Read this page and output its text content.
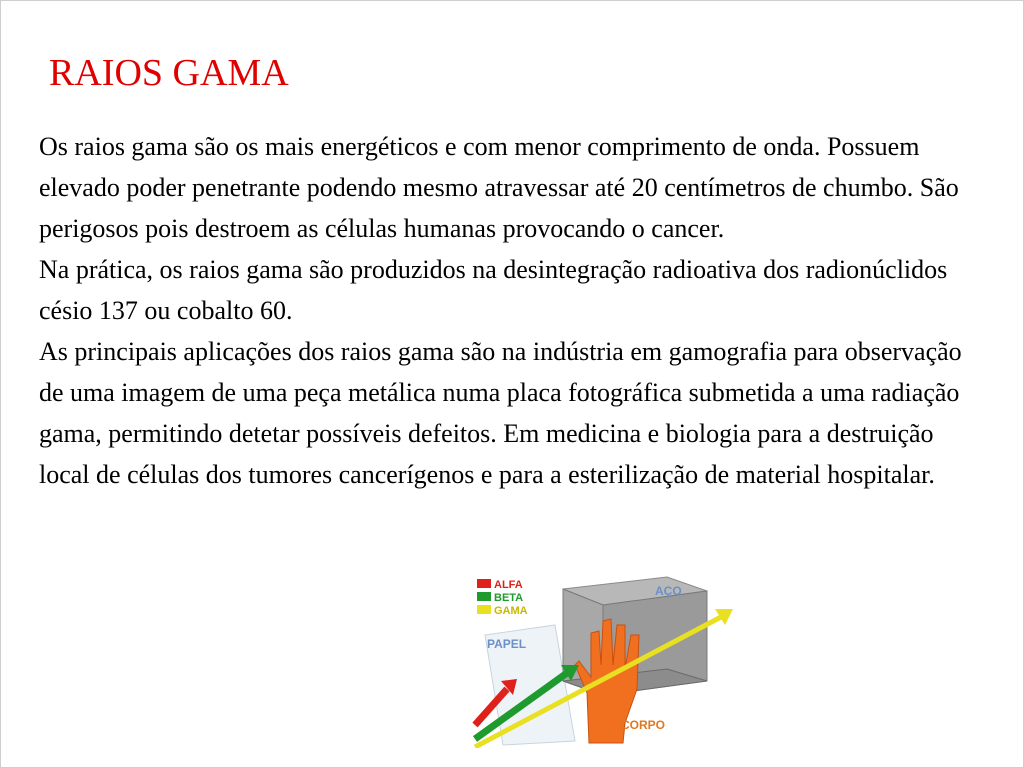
RAIOS GAMA

Os raios gama são os mais energéticos e com menor comprimento de onda. Possuem elevado poder penetrante podendo mesmo atravessar até 20 centímetros de chumbo. São perigosos pois destroem as células humanas provocando o cancer.

Na prática, os raios gama são produzidos na desintegração radioativa dos radionúclidos césio 137 ou cobalto 60.

As principais aplicações dos raios gama são na indústria em gamografia para observação de uma imagem de uma peça metálica numa placa fotográfica submetida a uma radiação gama, permitindo detetar possíveis defeitos. Em medicina e biologia para a destruição local de células dos tumores cancerígenos e para a esterilização de material hospitalar.

ALFA
BETA
GAMA
PAPEL
AÇO
CORPO
